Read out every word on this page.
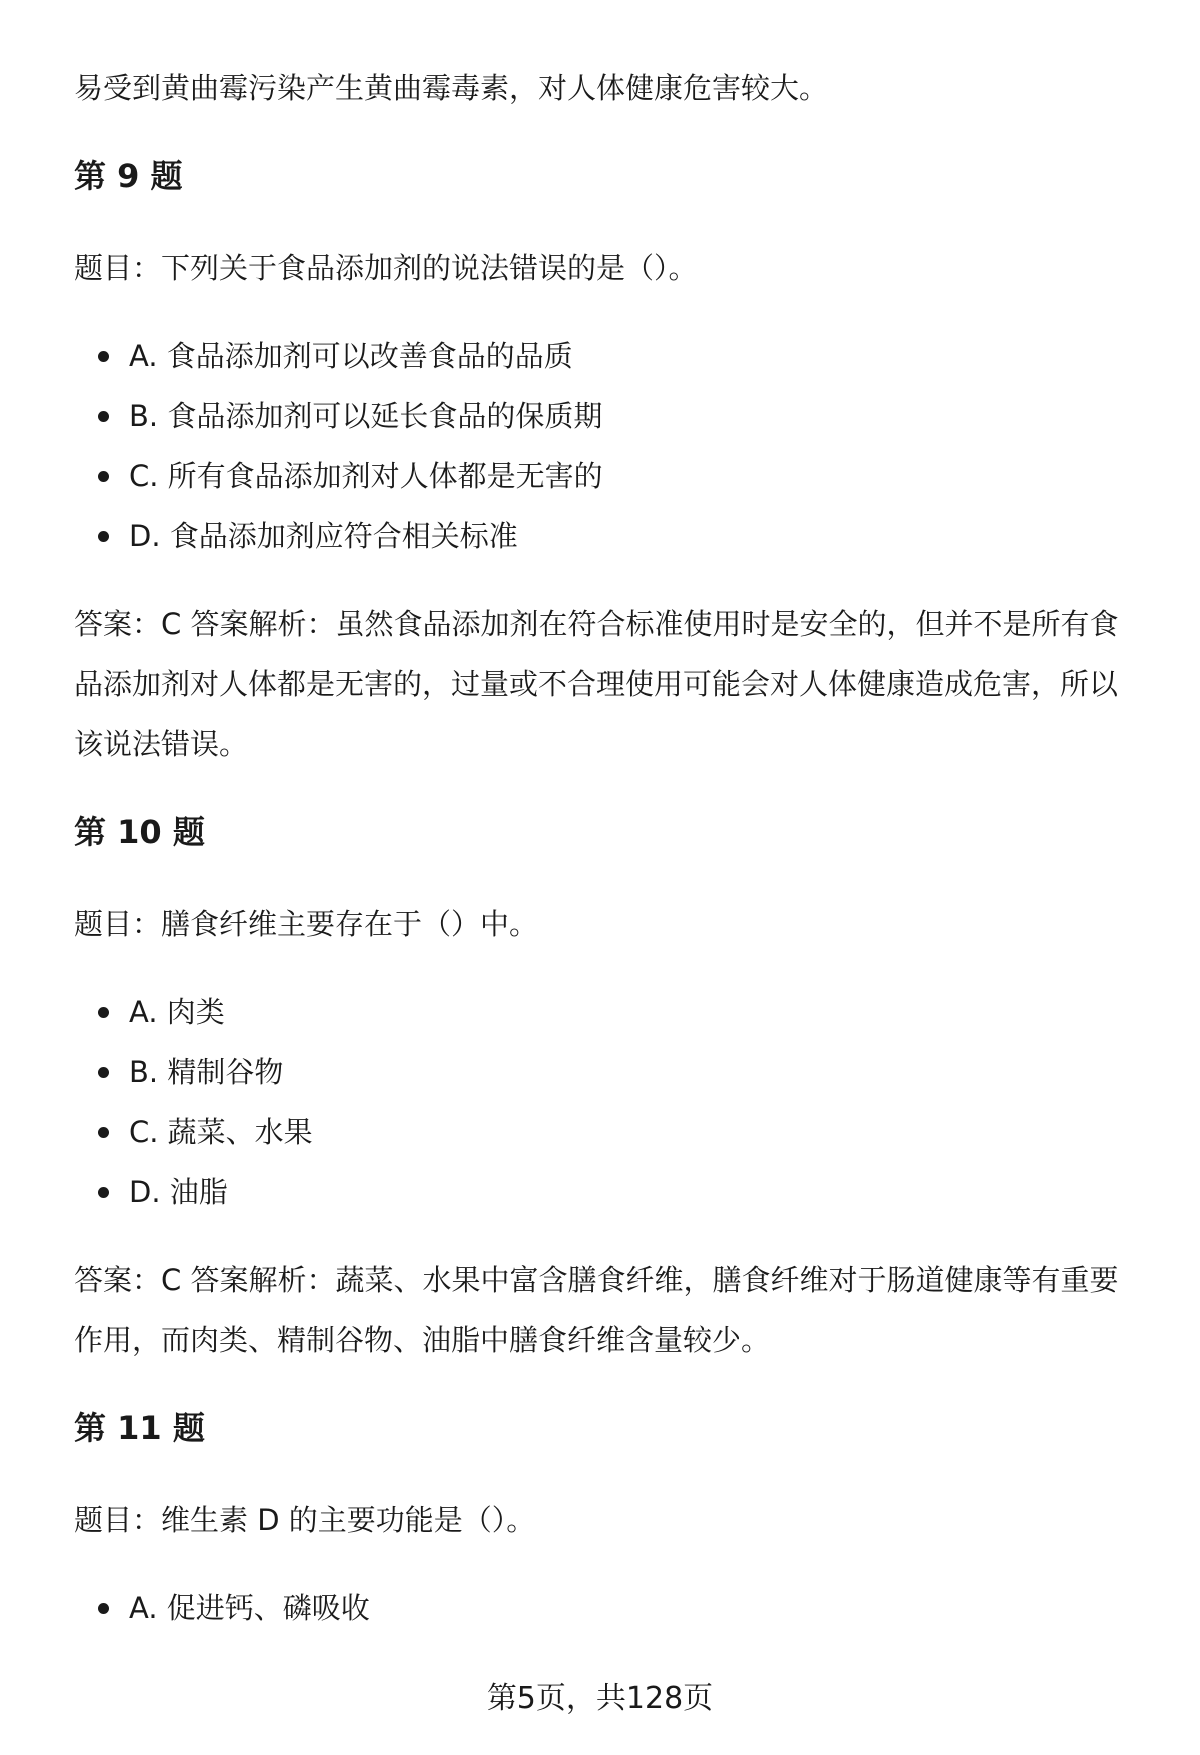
易受到黄曲霉污染产生黄曲霉毒素，对人体健康危害较大。

第 9 题

题目：下列关于食品添加剂的说法错误的是（）。

A. 食品添加剂可以改善食品的品质
B. 食品添加剂可以延长食品的保质期
C. 所有食品添加剂对人体都是无害的
D. 食品添加剂应符合相关标准

答案：C 答案解析：虽然食品添加剂在符合标准使用时是安全的，但并不是所有食品添加剂对人体都是无害的，过量或不合理使用可能会对人体健康造成危害，所以该说法错误。

第 10 题

题目：膳食纤维主要存在于（）中。

A. 肉类
B. 精制谷物
C. 蔬菜、水果
D. 油脂

答案：C 答案解析：蔬菜、水果中富含膳食纤维，膳食纤维对于肠道健康等有重要作用，而肉类、精制谷物、油脂中膳食纤维含量较少。

第 11 题

题目：维生素 D 的主要功能是（）。

A. 促进钙、磷吸收
第5页，共128页
